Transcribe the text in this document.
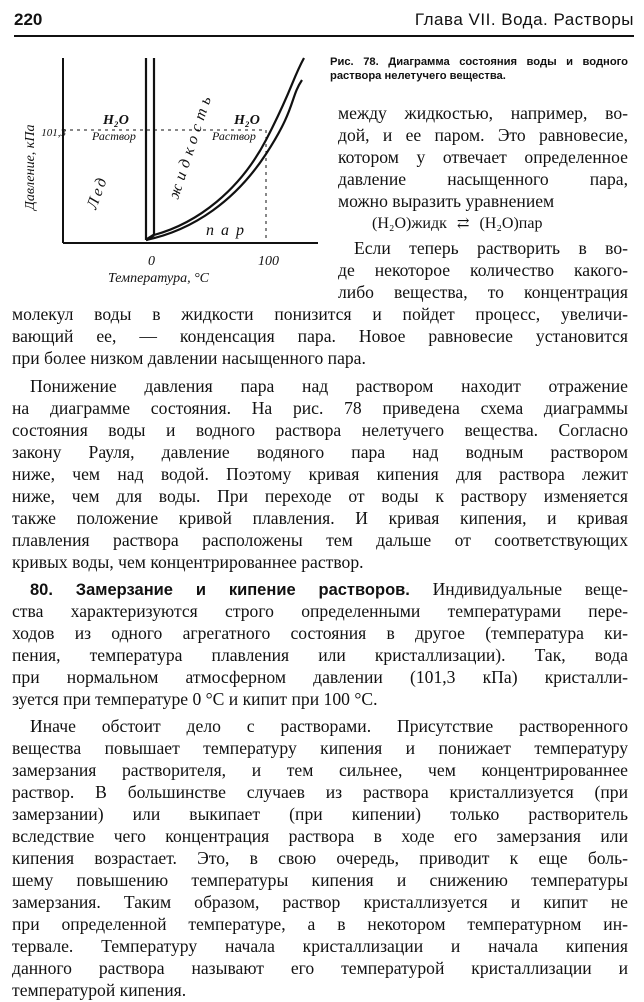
220	Глава VII. Вода. Растворы
Давление, кПа 101,3
H₂O
Раствор
H₂O
Раствор
Лед	жидкость
пар
0	100
Температура, °C
Рис. 78. Диаграмма состояния воды и водного раствора нелетучего вещества.
между жидкостью, например, во-
дой, и ее паром. Это равновесие,
котором у отвечает определенное
давление насыщенного пара,
можно выразить уравнением
(H₂O)жидк ⇄ (H₂O)пар
Если теперь растворить в во-
де некоторое количество какого-
либо вещества, то концентрация
молекул воды в жидкости понизится и пойдет процесс, увеличи-
вающий ее, — конденсация пара. Новое равновесие установится
при более низком давлении насыщенного пара.
Понижение давления пара над раствором находит отражение
на диаграмме состояния. На рис. 78 приведена схема диаграммы
состояния воды и водного раствора нелетучего вещества. Согласно
закону Рауля, давление водяного пара над водным раствором
ниже, чем над водой. Поэтому кривая кипения для раствора лежит
ниже, чем для воды. При переходе от воды к раствору изменяется
также положение кривой плавления. И кривая кипения, и кривая
плавления раствора расположены тем дальше от соответствующих
кривых воды, чем концентрированнее раствор.
80. Замерзание и кипение растворов. Индивидуальные веще-
ства характеризуются строго определенными температурами пере-
ходов из одного агрегатного состояния в другое (температура ки-
пения, температура плавления или кристаллизации). Так, вода
при нормальном атмосферном давлении (101,3 кПа) кристалли-
зуется при температуре 0 °С и кипит при 100 °С.
Иначе обстоит дело с растворами. Присутствие растворенного
вещества повышает температуру кипения и понижает температуру
замерзания растворителя, и тем сильнее, чем концентрированнее
раствор. В большинстве случаев из раствора кристаллизуется (при
замерзании) или выкипает (при кипении) только растворитель
вследствие чего концентрация раствора в ходе его замерзания или
кипения возрастает. Это, в свою очередь, приводит к еще боль-
шему повышению температуры кипения и снижению температуры
замерзания. Таким образом, раствор кристаллизуется и кипит не
при определенной температуре, а в некотором температурном ин-
тервале. Температуру начала кристаллизации и начала кипения
данного раствора называют его температурой кристаллизации и
температурой кипения.
